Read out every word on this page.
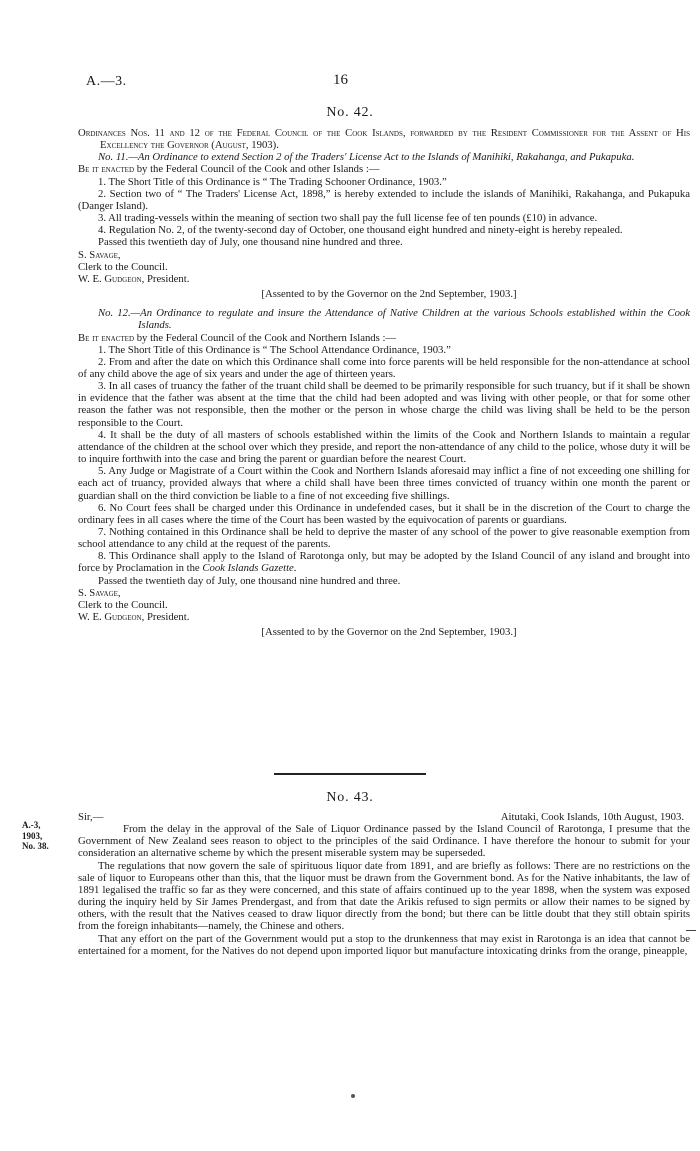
A.—3.	16
No. 42.

Ordinances Nos. 11 and 12 of the Federal Council of the Cook Islands, forwarded by the Resident Commissioner for the Assent of His Excellency the Governor (August, 1903).

No. 11.—An Ordinance to extend Section 2 of the Traders' License Act to the Islands of Manihiki, Rakahanga, and Pukapuka.

Be it enacted by the Federal Council of the Cook and other Islands :—

1. The Short Title of this Ordinance is “ The Trading Schooner Ordinance, 1903.”

2. Section two of “ The Traders' License Act, 1898,” is hereby extended to include the islands of Manihiki, Rakahanga, and Pukapuka (Danger Island).

3. All trading-vessels within the meaning of section two shall pay the full license fee of ten pounds (£10) in advance.

4. Regulation No. 2, of the twenty-second day of October, one thousand eight hundred and ninety-eight is hereby repealed.

Passed this twentieth day of July, one thousand nine hundred and three.

S. Savage,

Clerk to the Council.

W. E. Gudgeon, President.

[Assented to by the Governor on the 2nd September, 1903.]

No. 12.—An Ordinance to regulate and insure the Attendance of Native Children at the various Schools established within the Cook Islands.

Be it enacted by the Federal Council of the Cook and Northern Islands :—

1. The Short Title of this Ordinance is “ The School Attendance Ordinance, 1903.”

2. From and after the date on which this Ordinance shall come into force parents will be held responsible for the non-attendance at school of any child above the age of six years and under the age of thirteen years.

3. In all cases of truancy the father of the truant child shall be deemed to be primarily responsible for such truancy, but if it shall be shown in evidence that the father was absent at the time that the child had been adopted and was living with other people, or that for some other reason the father was not responsible, then the mother or the person in whose charge the child was living shall be held to be the person responsible to the Court.

4. It shall be the duty of all masters of schools established within the limits of the Cook and Northern Islands to maintain a regular attendance of the children at the school over which they preside, and report the non-attendance of any child to the police, whose duty it will be to inquire forthwith into the case and bring the parent or guardian before the nearest Court.

5. Any Judge or Magistrate of a Court within the Cook and Northern Islands aforesaid may inflict a fine of not exceeding one shilling for each act of truancy, provided always that where a child shall have been three times convicted of truancy within one month the parent or guardian shall on the third conviction be liable to a fine of not exceeding five shillings.

6. No Court fees shall be charged under this Ordinance in undefended cases, but it shall be in the discretion of the Court to charge the ordinary fees in all cases where the time of the Court has been wasted by the equivocation of parents or guardians.

7. Nothing contained in this Ordinance shall be held to deprive the master of any school of the power to give reasonable exemption from school attendance to any child at the request of the parents.

8. This Ordinance shall apply to the Island of Rarotonga only, but may be adopted by the Island Council of any island and brought into force by Proclamation in the Cook Islands Gazette.

Passed the twentieth day of July, one thousand nine hundred and three.

S. Savage,

Clerk to the Council.

W. E. Gudgeon, President.

[Assented to by the Governor on the 2nd September, 1903.]

No. 43.
A.-3,
1903,
No. 38.

Sir,—	Aitutaki, Cook Islands, 10th August, 1903.

From the delay in the approval of the Sale of Liquor Ordinance passed by the Island Council of Rarotonga, I presume that the Government of New Zealand sees reason to object to the principles of the said Ordinance. I have therefore the honour to submit for your consideration an alternative scheme by which the present miserable system may be superseded.

The regulations that now govern the sale of spirituous liquor date from 1891, and are briefly as follows: There are no restrictions on the sale of liquor to Europeans other than this, that the liquor must be drawn from the Government bond. As for the Native inhabitants, the law of 1891 legalised the traffic so far as they were concerned, and this state of affairs continued up to the year 1898, when the system was exposed during the inquiry held by Sir James Prendergast, and from that date the Arikis refused to sign permits or allow their names to be signed by others, with the result that the Natives ceased to draw liquor directly from the bond; but there can be little doubt that they still obtain spirits from the foreign inhabitants—namely, the Chinese and others.

That any effort on the part of the Government would put a stop to the drunkenness that may exist in Rarotonga is an idea that cannot be entertained for a moment, for the Natives do not depend upon imported liquor but manufacture intoxicating drinks from the orange, pineapple,
